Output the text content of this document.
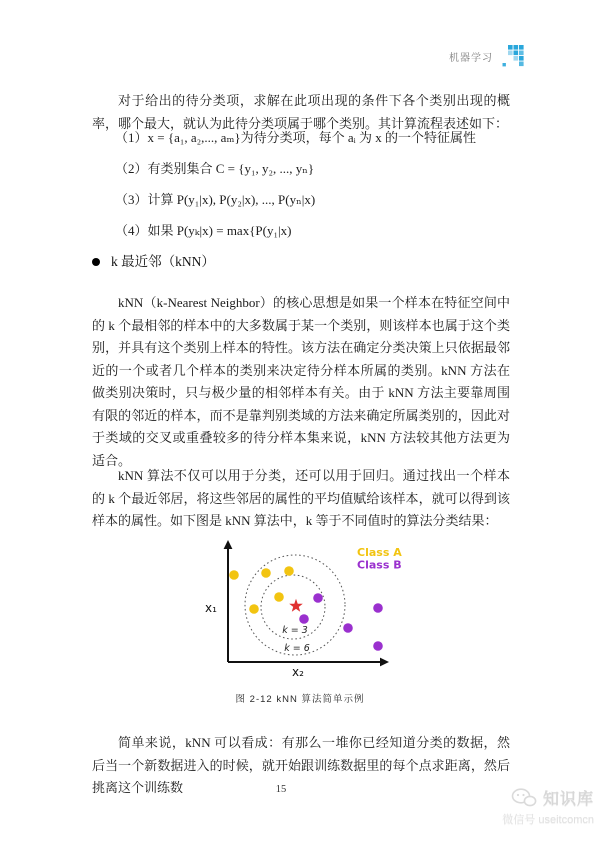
机器学习

对于给出的待分类项，求解在此项出现的条件下各个类别出现的概率，哪个最大，就认为此待分类项属于哪个类别。其计算流程表述如下：

（1）x = {a₁, a₂,..., aₘ}为待分类项，每个 aᵢ 为 x 的一个特征属性
（2）有类别集合 C = {y₁, y₂, ..., yₙ}
（3）计算 P(y₁|x), P(y₂|x), ..., P(yₙ|x)
（4）如果 P(yₖ|x) = max{P(y₁|x)
k 最近邻（kNN）

kNN（k-Nearest Neighbor）的核心思想是如果一个样本在特征空间中的 k 个最相邻的样本中的大多数属于某一个类别，则该样本也属于这个类别，并具有这个类别上样本的特性。该方法在确定分类决策上只依据最邻近的一个或者几个样本的类别来决定待分样本所属的类别。kNN 方法在做类别决策时，只与极少量的相邻样本有关。由于 kNN 方法主要靠周围有限的邻近的样本，而不是靠判别类域的方法来确定所属类别的，因此对于类域的交叉或重叠较多的待分样本集来说，kNN 方法较其他方法更为适合。

kNN 算法不仅可以用于分类，还可以用于回归。通过找出一个样本的 k 个最近邻居，将这些邻居的属性的平均值赋给该样本，就可以得到该样本的属性。如下图是 kNN 算法中，k 等于不同值时的算法分类结果：

k = 3
k = 6
x₁
x₂
Class A
Class B
图 2-12 kNN 算法简单示例

简单来说，kNN 可以看成：有那么一堆你已经知道分类的数据，然后当一个新数据进入的时候，就开始跟训练数据里的每个点求距离，然后挑离这个训练数	15
知识库
微信号 useitcomcn
